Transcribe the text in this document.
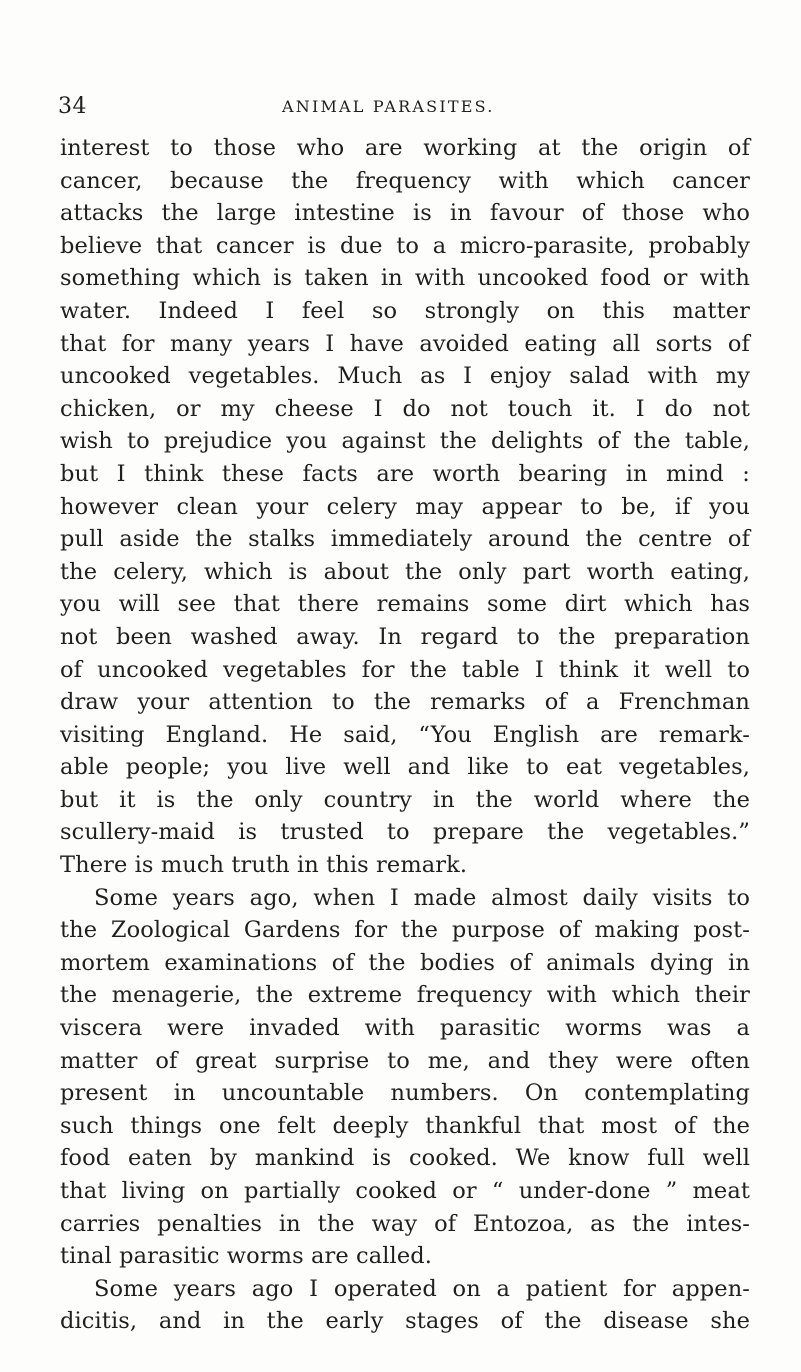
34	ANIMAL PARASITES.
interest to those who are working at the origin of
cancer, because the frequency with which cancer
attacks the large intestine is in favour of those who
believe that cancer is due to a micro-parasite, probably
something which is taken in with uncooked food or with
water. Indeed I feel so strongly on this matter
that for many years I have avoided eating all sorts of
uncooked vegetables. Much as I enjoy salad with my
chicken, or my cheese I do not touch it. I do not
wish to prejudice you against the delights of the table,
but I think these facts are worth bearing in mind :
however clean your celery may appear to be, if you
pull aside the stalks immediately around the centre of
the celery, which is about the only part worth eating,
you will see that there remains some dirt which has
not been washed away. In regard to the preparation
of uncooked vegetables for the table I think it well to
draw your attention to the remarks of a Frenchman
visiting England. He said, “You English are remark-
able people; you live well and like to eat vegetables,
but it is the only country in the world where the
scullery-maid is trusted to prepare the vegetables.”
There is much truth in this remark.
Some years ago, when I made almost daily visits to
the Zoological Gardens for the purpose of making post-
mortem examinations of the bodies of animals dying in
the menagerie, the extreme frequency with which their
viscera were invaded with parasitic worms was a
matter of great surprise to me, and they were often
present in uncountable numbers. On contemplating
such things one felt deeply thankful that most of the
food eaten by mankind is cooked. We know full well
that living on partially cooked or “ under-done ” meat
carries penalties in the way of Entozoa, as the intes-
tinal parasitic worms are called.
Some years ago I operated on a patient for appen-
dicitis, and in the early stages of the disease she
